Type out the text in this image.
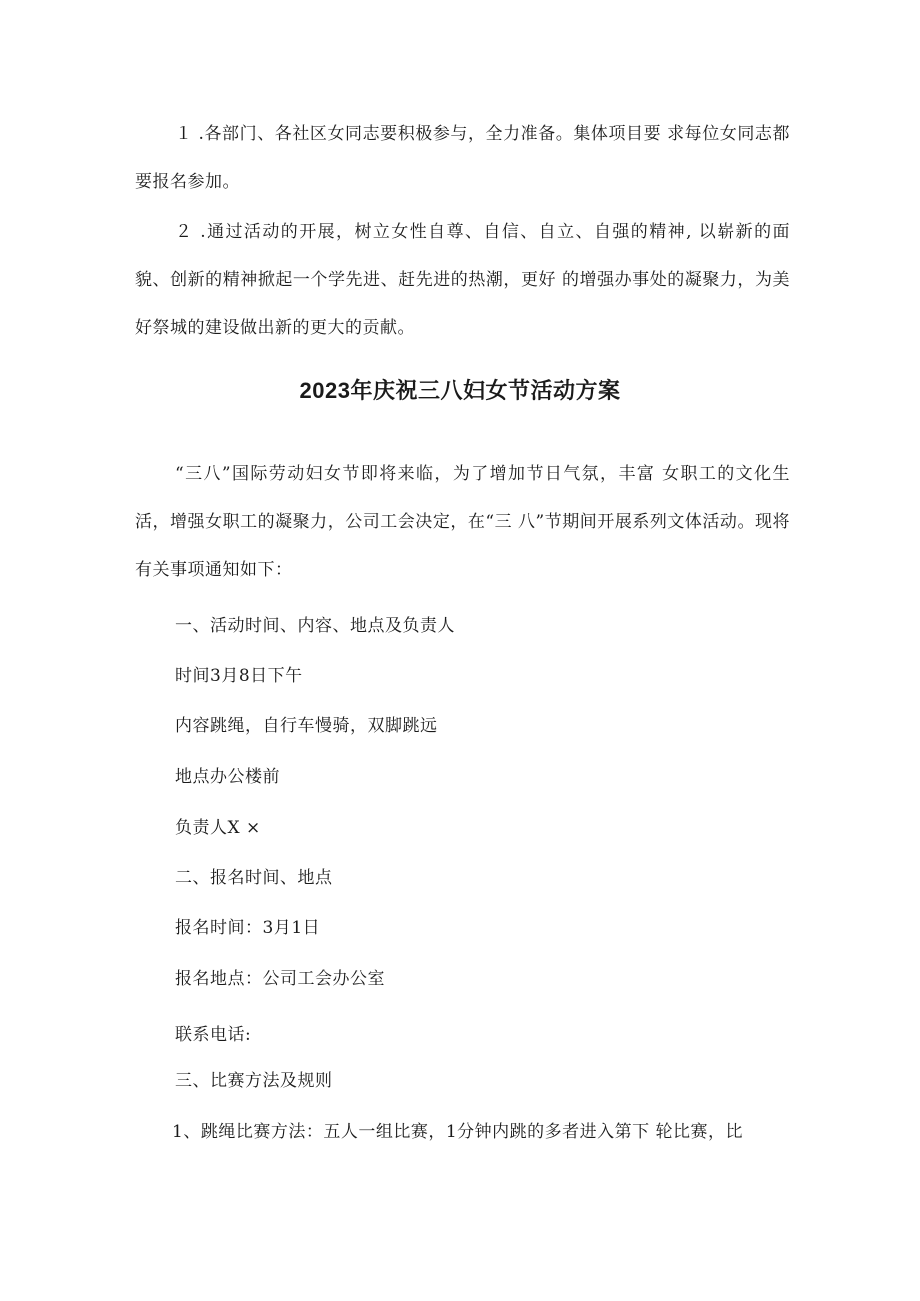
１ .各部门、各社区女同志要积极参与，全力准备。集体项目要 求每位女同志都要报名参加。

２ .通过活动的开展，树立女性自尊、自信、自立、自强的精神, 以崭新的面貌、创新的精神掀起一个学先进、赶先进的热潮，更好 的增强办事处的凝聚力，为美好祭城的建设做出新的更大的贡献。

2023年庆祝三八妇女节活动方案

“三八”国际劳动妇女节即将来临，为了增加节日气氛，丰富 女职工的文化生活，增强女职工的凝聚力，公司工会决定，在“三 八”节期间开展系列文体活动。现将有关事项通知如下：

一、活动时间、内容、地点及负责人

时间3月8日下午

内容跳绳，自行车慢骑，双脚跳远

地点办公楼前

负责人X ×

二、报名时间、地点

报名时间：3月1日

报名地点：公司工会办公室

联系电话:

三、比赛方法及规则

1、跳绳比赛方法：五人一组比赛，1分钟内跳的多者进入第下 轮比赛，比
